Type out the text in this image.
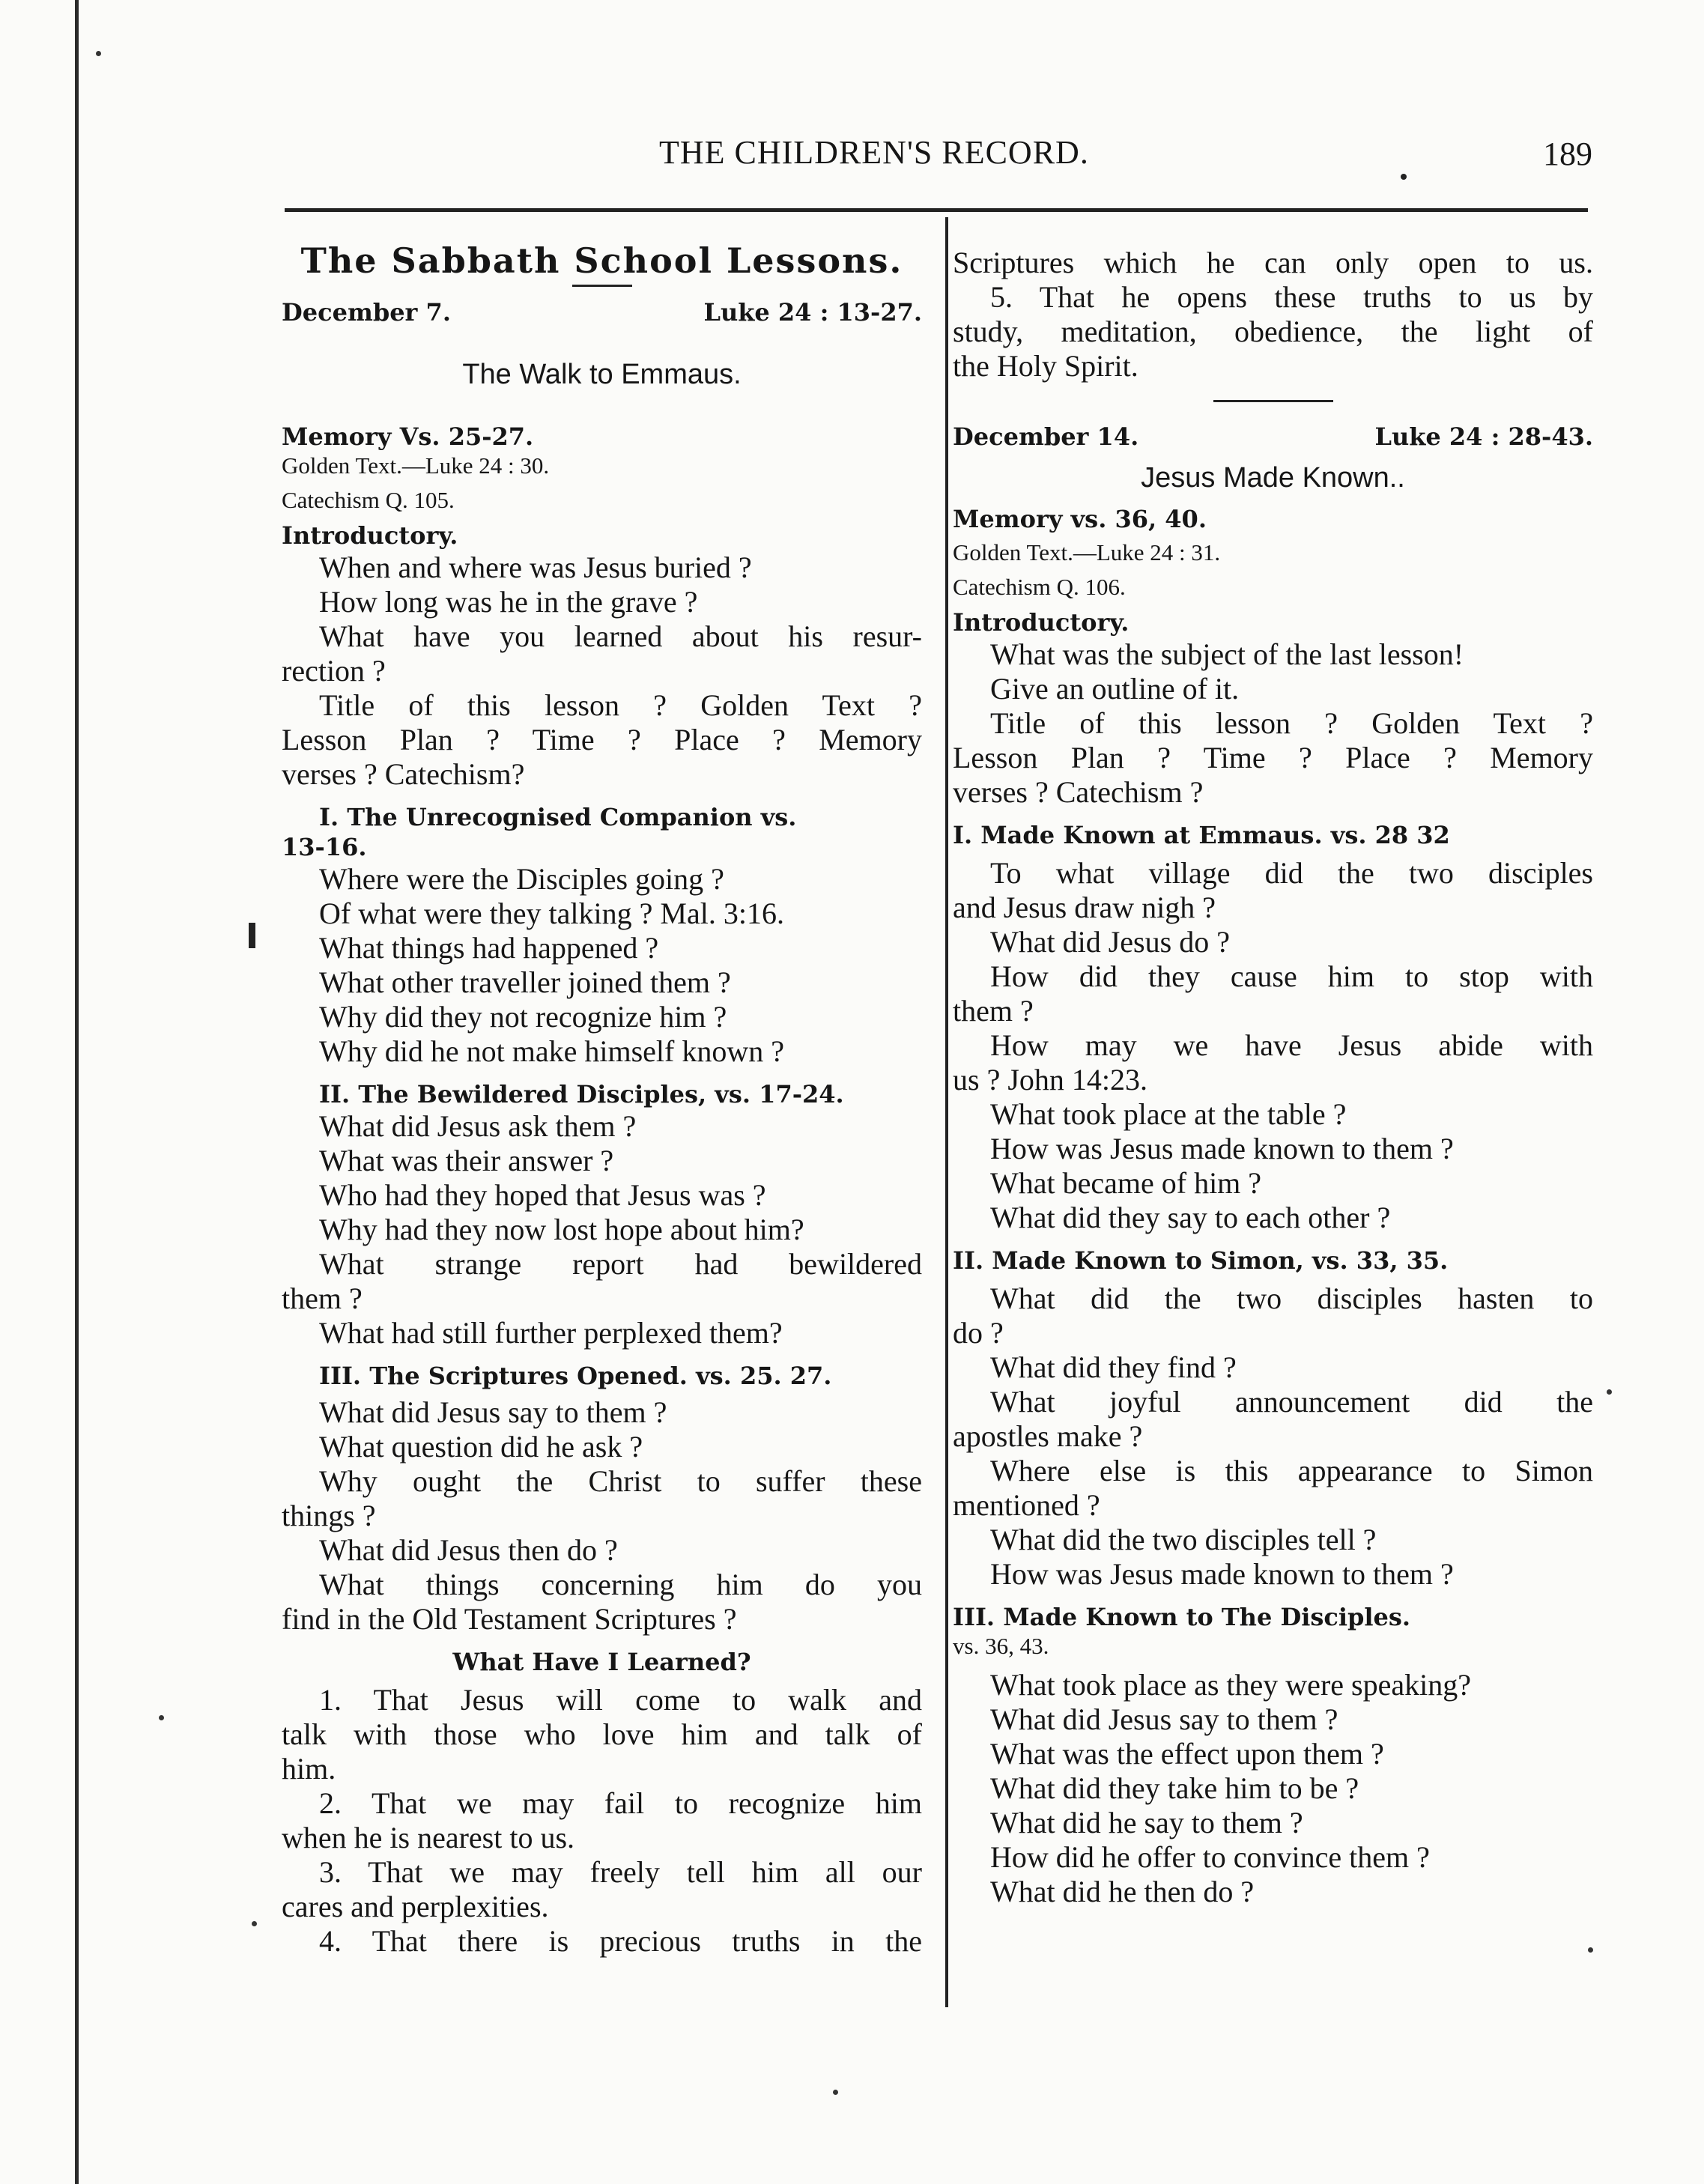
THE CHILDREN'S RECORD.	189

The Sabbath School Lessons.

December 7.	Luke 24 : 13-27.

The Walk to Emmaus.

Memory Vs. 25-27.

Golden Text.—Luke 24 : 30.

Catechism Q. 105.

Introductory.

When and where was Jesus buried ?

How long was he in the grave ?

What have you learned about his resur-

rection ?

Title of this lesson ? Golden Text ?

Lesson Plan ? Time ? Place ? Memory

verses ? Catechism?

I. The Unrecognised Companion vs.

13-16.

Where were the Disciples going ?

Of what were they talking ? Mal. 3:16.

What things had happened ?

What other traveller joined them ?

Why did they not recognize him ?

Why did he not make himself known ?

II. The Bewildered Disciples, vs. 17-24.

What did Jesus ask them ?

What was their answer ?

Who had they hoped that Jesus was ?

Why had they now lost hope about him?

What strange report had bewildered

them ?

What had still further perplexed them?

III. The Scriptures Opened. vs. 25. 27.

What did Jesus say to them ?

What question did he ask ?

Why ought the Christ to suffer these

things ?

What did Jesus then do ?

What things concerning him do you

find in the Old Testament Scriptures ?

What Have I Learned?

1. That Jesus will come to walk and

talk with those who love him and talk of

him.

2. That we may fail to recognize him

when he is nearest to us.

3. That we may freely tell him all our

cares and perplexities.

4. That there is precious truths in the

Scriptures which he can only open to us.

5. That he opens these truths to us by

study, meditation, obedience, the light of

the Holy Spirit.

December 14.	Luke 24 : 28-43.

Jesus Made Known..

Memory vs. 36, 40.

Golden Text.—Luke 24 : 31.

Catechism Q. 106.

Introductory.

What was the subject of the last lesson!

Give an outline of it.

Title of this lesson ? Golden Text ?

Lesson Plan ? Time ? Place ? Memory

verses ? Catechism ?

I. Made Known at Emmaus. vs. 28 32

To what village did the two disciples

and Jesus draw nigh ?

What did Jesus do ?

How did they cause him to stop with

them ?

How may we have Jesus abide with

us ? John 14:23.

What took place at the table ?

How was Jesus made known to them ?

What became of him ?

What did they say to each other ?

II. Made Known to Simon, vs. 33, 35.

What did the two disciples hasten to

do ?

What did they find ?

What joyful announcement did the

apostles make ?

Where else is this appearance to Simon

mentioned ?

What did the two disciples tell ?

How was Jesus made known to them ?

III. Made Known to The Disciples.

vs. 36, 43.

What took place as they were speaking?

What did Jesus say to them ?

What was the effect upon them ?

What did they take him to be ?

What did he say to them ?

How did he offer to convince them ?

What did he then do ?
